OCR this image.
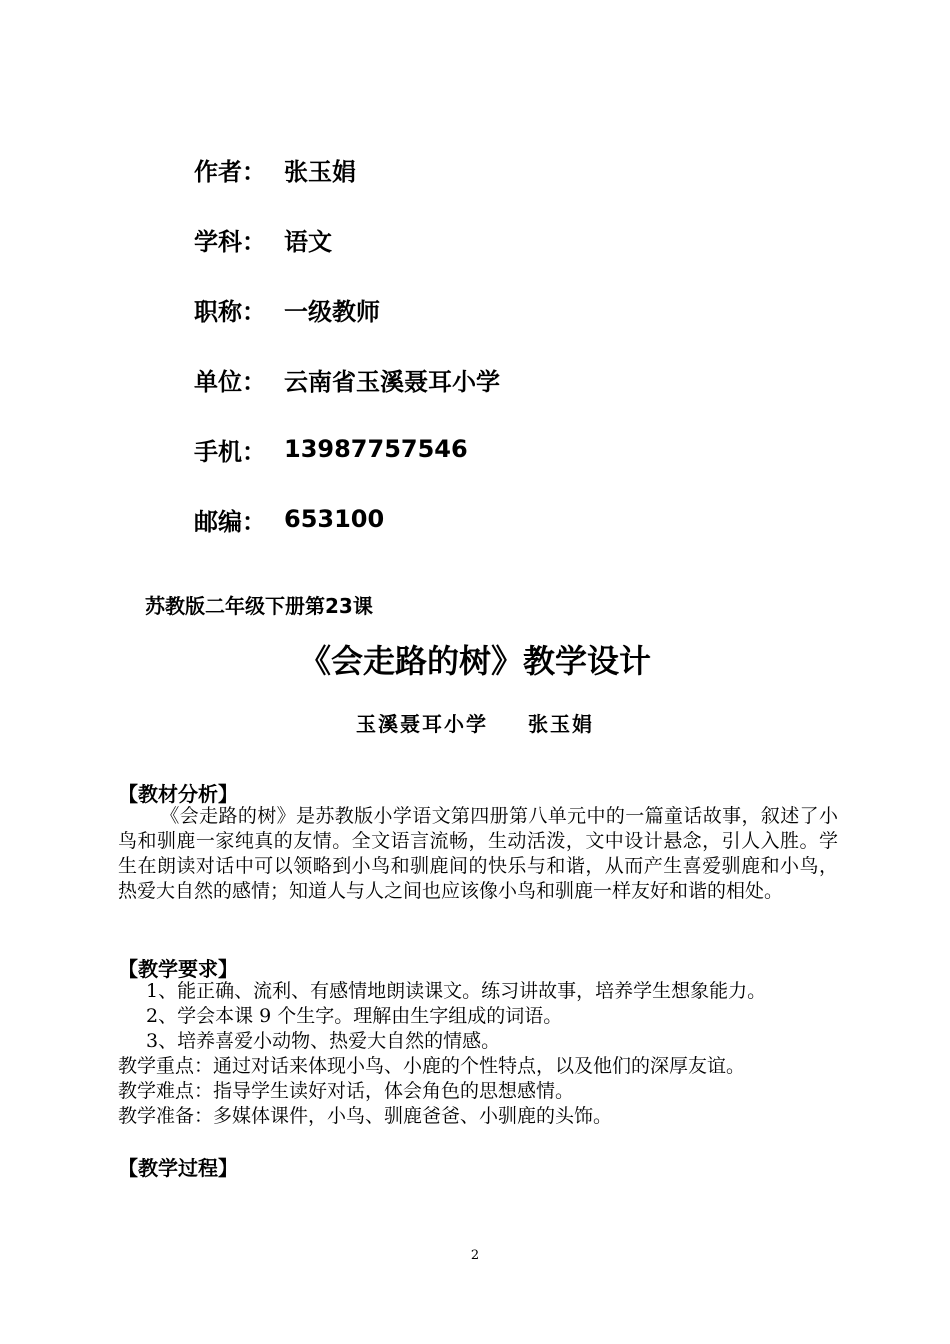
作者： 张玉娟
学科： 语文
职称： 一级教师
单位： 云南省玉溪聂耳小学
手机： 13987757546
邮编： 653100
苏教版二年级下册第23课
《会走路的树》教学设计
玉溪聂耳小学 张玉娟
【教材分析】
《会走路的树》是苏教版小学语文第四册第八单元中的一篇童话故事，叙述了小鸟和驯鹿一家纯真的友情。全文语言流畅，生动活泼，文中设计悬念，引人入胜。学生在朗读对话中可以领略到小鸟和驯鹿间的快乐与和谐，从而产生喜爱驯鹿和小鸟，热爱大自然的感情；知道人与人之间也应该像小鸟和驯鹿一样友好和谐的相处。
【教学要求】
1、能正确、流利、有感情地朗读课文。练习讲故事，培养学生想象能力。
2、学会本课 9 个生字。理解由生字组成的词语。
3、培养喜爱小动物、热爱大自然的情感。
教学重点：通过对话来体现小鸟、小鹿的个性特点，以及他们的深厚友谊。
教学难点：指导学生读好对话，体会角色的思想感情。
教学准备：多媒体课件，小鸟、驯鹿爸爸、小驯鹿的头饰。
【教学过程】
2
